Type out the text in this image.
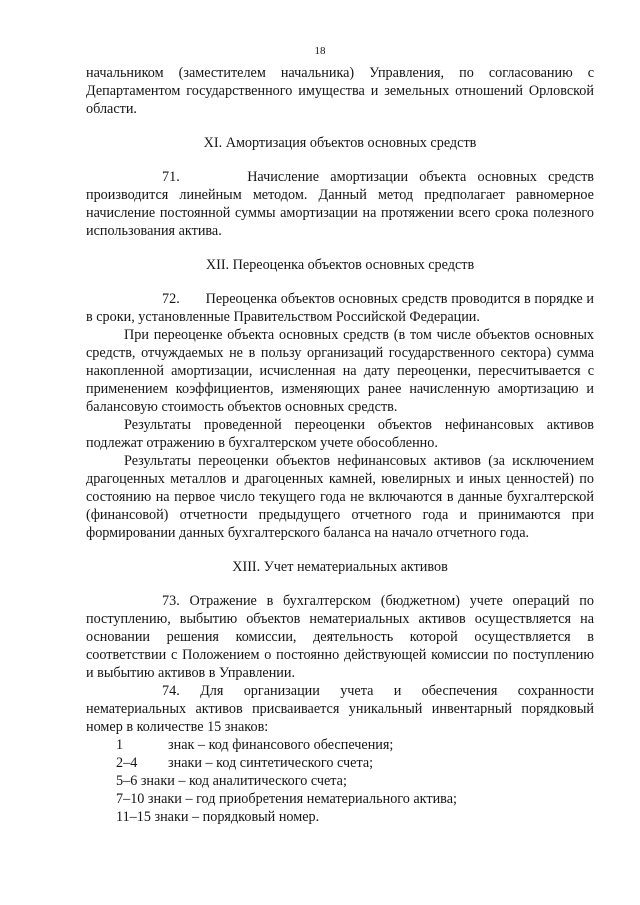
18

начальником (заместителем начальника) Управления, по согласованию с Департаментом государственного имущества и земельных отношений Орловской области.

XI. Амортизация объектов основных средств

71.	Начисление амортизации объекта основных средств производится линейным методом. Данный метод предполагает равномерное начисление постоянной суммы амортизации на протяжении всего срока полезного использования актива.

XII. Переоценка объектов основных средств

72. Переоценка объектов основных средств проводится в порядке и в сроки, установленные Правительством Российской Федерации.

При переоценке объекта основных средств (в том числе объектов основных средств, отчуждаемых не в пользу организаций государственного сектора) сумма накопленной амортизации, исчисленная на дату переоценки, пересчитывается с применением коэффициентов, изменяющих ранее начисленную амортизацию и балансовую стоимость объектов основных средств.

Результаты проведенной переоценки объектов нефинансовых активов подлежат отражению в бухгалтерском учете обособленно.

Результаты переоценки объектов нефинансовых активов (за исключением драгоценных металлов и драгоценных камней, ювелирных и иных ценностей) по состоянию на первое число текущего года не включаются в данные бухгалтерской (финансовой) отчетности предыдущего отчетного года и принимаются при формировании данных бухгалтерского баланса на начало отчетного года.

XIII. Учет нематериальных активов

73. Отражение в бухгалтерском (бюджетном) учете операций по поступлению, выбытию объектов нематериальных активов осуществляется на основании решения комиссии, деятельность которой осуществляется в соответствии с Положением о постоянно действующей комиссии по поступлению и выбытию активов в Управлении.

74. Для организации учета и обеспечения сохранности нематериальных активов присваивается уникальный инвентарный порядковый номер в количестве 15 знаков:

1	знак – код финансового обеспечения;
2–4 знаки – код синтетического счета;
5–6 знаки – код аналитического счета;
7–10 знаки – год приобретения нематериального актива;
11–15 знаки – порядковый номер.
